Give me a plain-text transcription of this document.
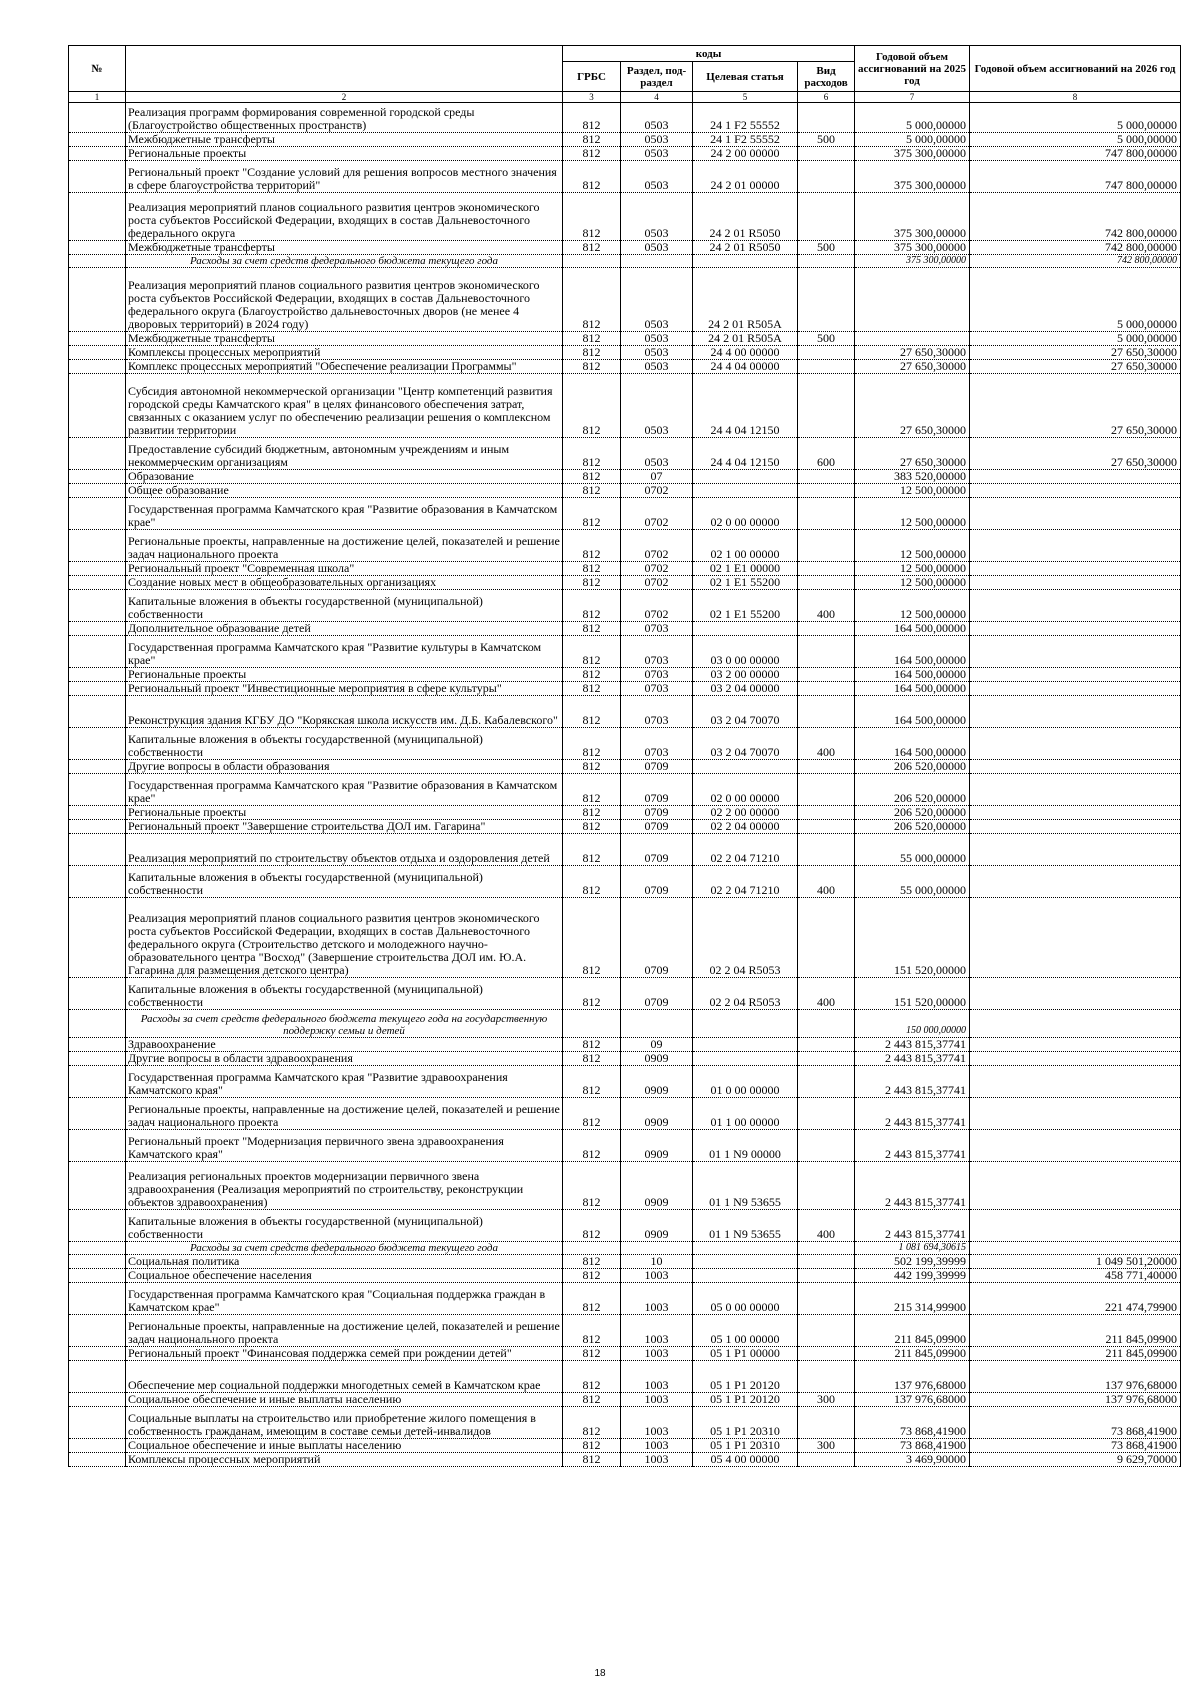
№		коды				Годовой объем ассигнований на 2025 год	Годовой объем ассигнований на 2026 год
		ГРБС	Раздел, под-раздел	Целевая статья	Вид расходов		
1	2	3	4	5	6	7	8
	Реализация программ формирования современной городской среды (Благоустройство общественных пространств)	812	0503	24 1 F2 55552		5 000,00000	5 000,00000
	Межбюджетные трансферты	812	0503	24 1 F2 55552	500	5 000,00000	5 000,00000
	Региональные проекты	812	0503	24 2 00 00000		375 300,00000	747 800,00000
	Региональный проект "Создание условий для решения вопросов местного значения в сфере благоустройства территорий"	812	0503	24 2 01 00000		375 300,00000	747 800,00000
	Реализация мероприятий планов социального развития центров экономического роста субъектов Российской Федерации, входящих в состав Дальневосточного федерального округа	812	0503	24 2 01 R5050		375 300,00000	742 800,00000
	Межбюджетные трансферты	812	0503	24 2 01 R5050	500	375 300,00000	742 800,00000
	Расходы за счет средств федерального бюджета текущего года					375 300,00000	742 800,00000
	Реализация мероприятий планов социального развития центров экономического роста субъектов Российской Федерации, входящих в состав Дальневосточного федерального округа (Благоустройство дальневосточных дворов (не менее 4 дворовых территорий) в 2024 году)	812	0503	24 2 01 R505A			5 000,00000
	Межбюджетные трансферты	812	0503	24 2 01 R505A	500		5 000,00000
	Комплексы процессных мероприятий	812	0503	24 4 00 00000		27 650,30000	27 650,30000
	Комплекс процессных мероприятий "Обеспечение реализации Программы"	812	0503	24 4 04 00000		27 650,30000	27 650,30000
	Субсидия автономной некоммерческой организации "Центр компетенций развития городской среды Камчатского края" в целях финансового обеспечения затрат, связанных с оказанием услуг по обеспечению реализации решения о комплексном развитии территории	812	0503	24 4 04 12150		27 650,30000	27 650,30000
	Предоставление субсидий бюджетным, автономным учреждениям и иным некоммерческим организациям	812	0503	24 4 04 12150	600	27 650,30000	27 650,30000
	Образование	812	07			383 520,00000	
	Общее образование	812	0702			12 500,00000	
	Государственная программа Камчатского края "Развитие образования в Камчатском крае"	812	0702	02 0 00 00000		12 500,00000	
	Региональные проекты, направленные на достижение целей, показателей и решение задач национального проекта	812	0702	02 1 00 00000		12 500,00000	
	Региональный проект "Современная школа"	812	0702	02 1 E1 00000		12 500,00000	
	Создание новых мест в общеобразовательных организациях	812	0702	02 1 E1 55200		12 500,00000	
	Капитальные вложения в объекты государственной (муниципальной) собственности	812	0702	02 1 E1 55200	400	12 500,00000	
	Дополнительное образование детей	812	0703			164 500,00000	
	Государственная программа Камчатского края "Развитие культуры в Камчатском крае"	812	0703	03 0 00 00000		164 500,00000	
	Региональные проекты	812	0703	03 2 00 00000		164 500,00000	
	Региональный проект "Инвестиционные мероприятия в сфере культуры"	812	0703	03 2 04 00000		164 500,00000	
	Реконструкция здания КГБУ ДО "Корякская школа искусств им. Д.Б. Кабалевского"	812	0703	03 2 04 70070		164 500,00000	
	Капитальные вложения в объекты государственной (муниципальной) собственности	812	0703	03 2 04 70070	400	164 500,00000	
	Другие вопросы в области образования	812	0709			206 520,00000	
	Государственная программа Камчатского края "Развитие образования в Камчатском крае"	812	0709	02 0 00 00000		206 520,00000	
	Региональные проекты	812	0709	02 2 00 00000		206 520,00000	
	Региональный проект "Завершение строительства ДОЛ им. Гагарина"	812	0709	02 2 04 00000		206 520,00000	
	Реализация мероприятий по строительству объектов отдыха и оздоровления детей	812	0709	02 2 04 71210		55 000,00000	
	Капитальные вложения в объекты государственной (муниципальной) собственности	812	0709	02 2 04 71210	400	55 000,00000	
	Реализация мероприятий планов социального развития центров экономического роста субъектов Российской Федерации, входящих в состав Дальневосточного федерального округа (Строительство детского и молодежного научно-образовательного центра "Восход" (Завершение строительства ДОЛ им. Ю.А. Гагарина для размещения детского центра)	812	0709	02 2 04 R5053		151 520,00000	
	Капитальные вложения в объекты государственной (муниципальной) собственности	812	0709	02 2 04 R5053	400	151 520,00000	
	Расходы за счет средств федерального бюджета текущего года на государственную поддержку семьи и детей					150 000,00000	
	Здравоохранение	812	09			2 443 815,37741	
	Другие вопросы в области здравоохранения	812	0909			2 443 815,37741	
	Государственная программа Камчатского края "Развитие здравоохранения Камчатского края"	812	0909	01 0 00 00000		2 443 815,37741	
	Региональные проекты, направленные на достижение целей, показателей и решение задач национального проекта	812	0909	01 1 00 00000		2 443 815,37741	
	Региональный проект "Модернизация первичного звена здравоохранения Камчатского края"	812	0909	01 1 N9 00000		2 443 815,37741	
	Реализация региональных проектов модернизации первичного звена здравоохранения (Реализация мероприятий по строительству, реконструкции объектов здравоохранения)	812	0909	01 1 N9 53655		2 443 815,37741	
	Капитальные вложения в объекты государственной (муниципальной) собственности	812	0909	01 1 N9 53655	400	2 443 815,37741	
	Расходы за счет средств федерального бюджета текущего года					1 081 694,30615	
	Социальная политика	812	10			502 199,39999	1 049 501,20000
	Социальное обеспечение населения	812	1003			442 199,39999	458 771,40000
	Государственная программа Камчатского края "Социальная поддержка граждан в Камчатском крае"	812	1003	05 0 00 00000		215 314,99900	221 474,79900
	Региональные проекты, направленные на достижение целей, показателей и решение задач национального проекта	812	1003	05 1 00 00000		211 845,09900	211 845,09900
	Региональный проект "Финансовая поддержка семей при рождении детей"	812	1003	05 1 P1 00000		211 845,09900	211 845,09900
	Обеспечение мер социальной поддержки многодетных семей в Камчатском крае	812	1003	05 1 P1 20120		137 976,68000	137 976,68000
	Социальное обеспечение и иные выплаты населению	812	1003	05 1 P1 20120	300	137 976,68000	137 976,68000
	Социальные выплаты на строительство или приобретение жилого помещения в собственность гражданам, имеющим в составе семьи детей-инвалидов	812	1003	05 1 P1 20310		73 868,41900	73 868,41900
	Социальное обеспечение и иные выплаты населению	812	1003	05 1 P1 20310	300	73 868,41900	73 868,41900
	Комплексы процессных мероприятий	812	1003	05 4 00 00000		3 469,90000	9 629,70000
18
